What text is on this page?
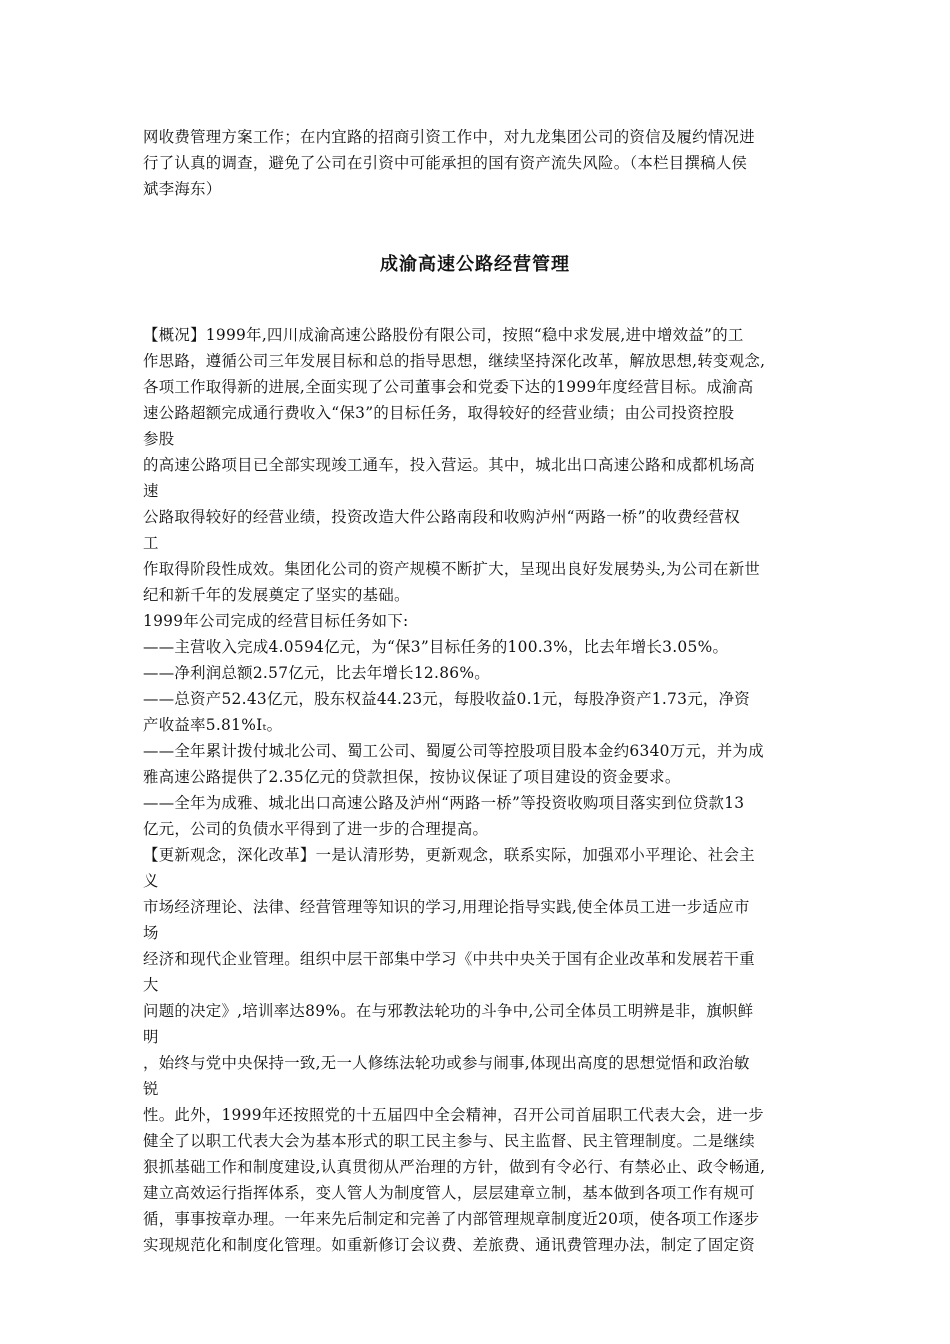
网收费管理方案工作；在内宜路的招商引资工作中，对九龙集团公司的资信及履约情况进
行了认真的调查，避免了公司在引资中可能承担的国有资产流失风险。（本栏目撰稿人侯
斌李海东）
成渝高速公路经营管理
【概况】1999年,四川成渝高速公路股份有限公司，按照“稳中求发展,进中增效益”的工
作思路，遵循公司三年发展目标和总的指导思想，继续坚持深化改革，解放思想,转变观念,
各项工作取得新的进展,全面实现了公司董事会和党委下达的1999年度经营目标。成渝高
速公路超额完成通行费收入“保3”的目标任务，取得较好的经营业绩；由公司投资控股
参股
的高速公路项目已全部实现竣工通车，投入营运。其中，城北出口高速公路和成都机场高
速
公路取得较好的经营业绩，投资改造大件公路南段和收购泸州“两路一桥”的收费经营权
工
作取得阶段性成效。集团化公司的资产规模不断扩大，呈现出良好发展势头,为公司在新世
纪和新千年的发展奠定了坚实的基础。
1999年公司完成的经营目标任务如下:
——主营收入完成4.0594亿元，为“保3”目标任务的100.3%，比去年增长3.05%。
——净利润总额2.57亿元，比去年增长12.86%。
——总资产52.43亿元，股东权益44.23元，每股收益0.1元，每股净资产1.73元，净资
产收益率5.81%Iₜ。
——全年累计拨付城北公司、蜀工公司、蜀厦公司等控股项目股本金约6340万元，并为成
雅高速公路提供了2.35亿元的贷款担保，按协议保证了项目建设的资金要求。
——全年为成雅、城北出口高速公路及泸州“两路一桥”等投资收购项目落实到位贷款13
亿元，公司的负债水平得到了进一步的合理提高。
【更新观念，深化改革】一是认清形势，更新观念，联系实际，加强邓小平理论、社会主
义
市场经济理论、法律、经营管理等知识的学习,用理论指导实践,使全体员工进一步适应市
场
经济和现代企业管理。组织中层干部集中学习《中共中央关于国有企业改革和发展若干重
大
问题的决定》,培训率达89%。在与邪教法轮功的斗争中,公司全体员工明辨是非，旗帜鲜
明
，始终与党中央保持一致,无一人修练法轮功或参与闹事,体现出高度的思想觉悟和政治敏
锐
性。此外，1999年还按照党的十五届四中全会精神，召开公司首届职工代表大会，进一步
健全了以职工代表大会为基本形式的职工民主参与、民主监督、民主管理制度。二是继续
狠抓基础工作和制度建设,认真贯彻从严治理的方针，做到有令必行、有禁必止、政令畅通,
建立高效运行指挥体系，变人管人为制度管人，层层建章立制，基本做到各项工作有规可
循，事事按章办理。一年来先后制定和完善了内部管理规章制度近20项，使各项工作逐步
实现规范化和制度化管理。如重新修订会议费、差旅费、通讯费管理办法，制定了固定资
